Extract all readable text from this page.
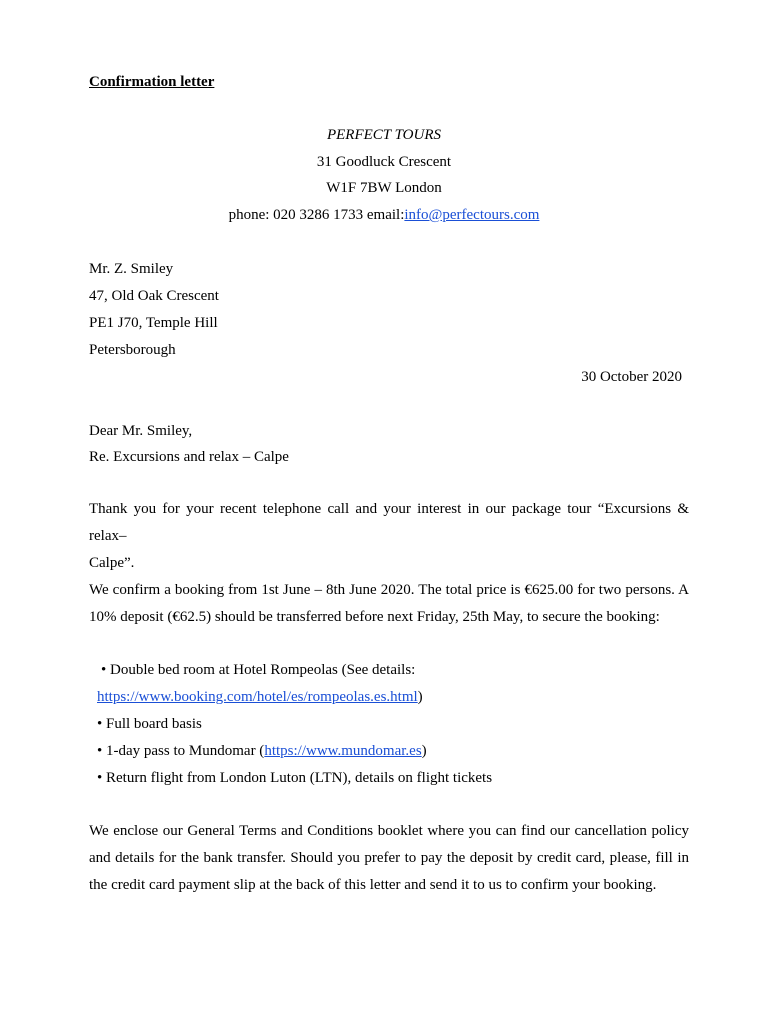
Confirmation letter
PERFECT TOURS
31 Goodluck Crescent
W1F 7BW London
phone: 020 3286 1733 email:info@perfectours.com
Mr. Z. Smiley
47, Old Oak Crescent
PE1 J70, Temple Hill
Petersborough
30 October 2020
Dear Mr. Smiley,
Re. Excursions and relax – Calpe
Thank you for your recent telephone call and your interest in our package tour “Excursions & relax–
Calpe”.
We confirm a booking from 1st June – 8th June 2020. The total price is €625.00 for two persons. A
10% deposit (€62.5) should be transferred before next Friday, 25th May, to secure the booking:
• Double bed room at Hotel Rompeolas (See details:
https://www.booking.com/hotel/es/rompeolas.es.html)
• Full board basis
• 1-day pass to Mundomar (https://www.mundomar.es)
• Return flight from London Luton (LTN), details on flight tickets
We enclose our General Terms and Conditions booklet where you can find our cancellation policy
and details for the bank transfer. Should you prefer to pay the deposit by credit card, please, fill in
the credit card payment slip at the back of this letter and send it to us to confirm your booking.
